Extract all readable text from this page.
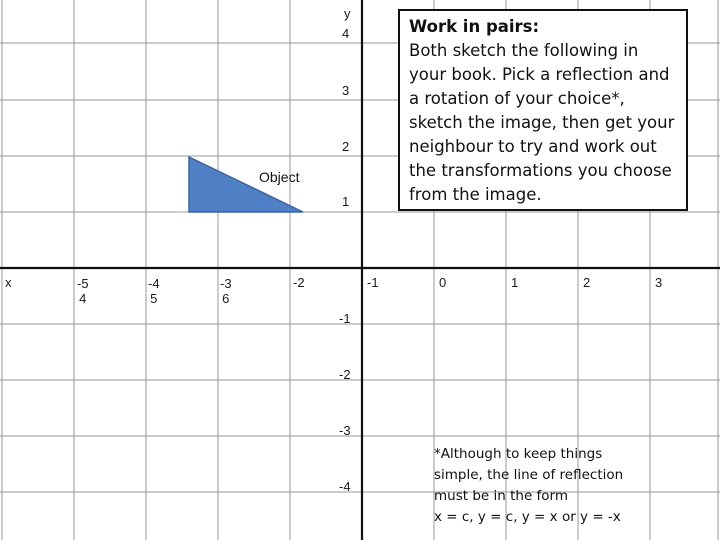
x
y
4
3
2
1
-1
-2
-3
-4
-5
4
-4
5
-3
6
-2	-1	0	1	2	3
Object
Work in pairs:
Both sketch the following in your book. Pick a reflection and a rotation of your choice*, sketch the image, then get your neighbour to try and work out the transformations you choose from the image.
*Although to keep things
simple, the line of reflection
must be in the form
x = c, y = c, y = x or y = -x
